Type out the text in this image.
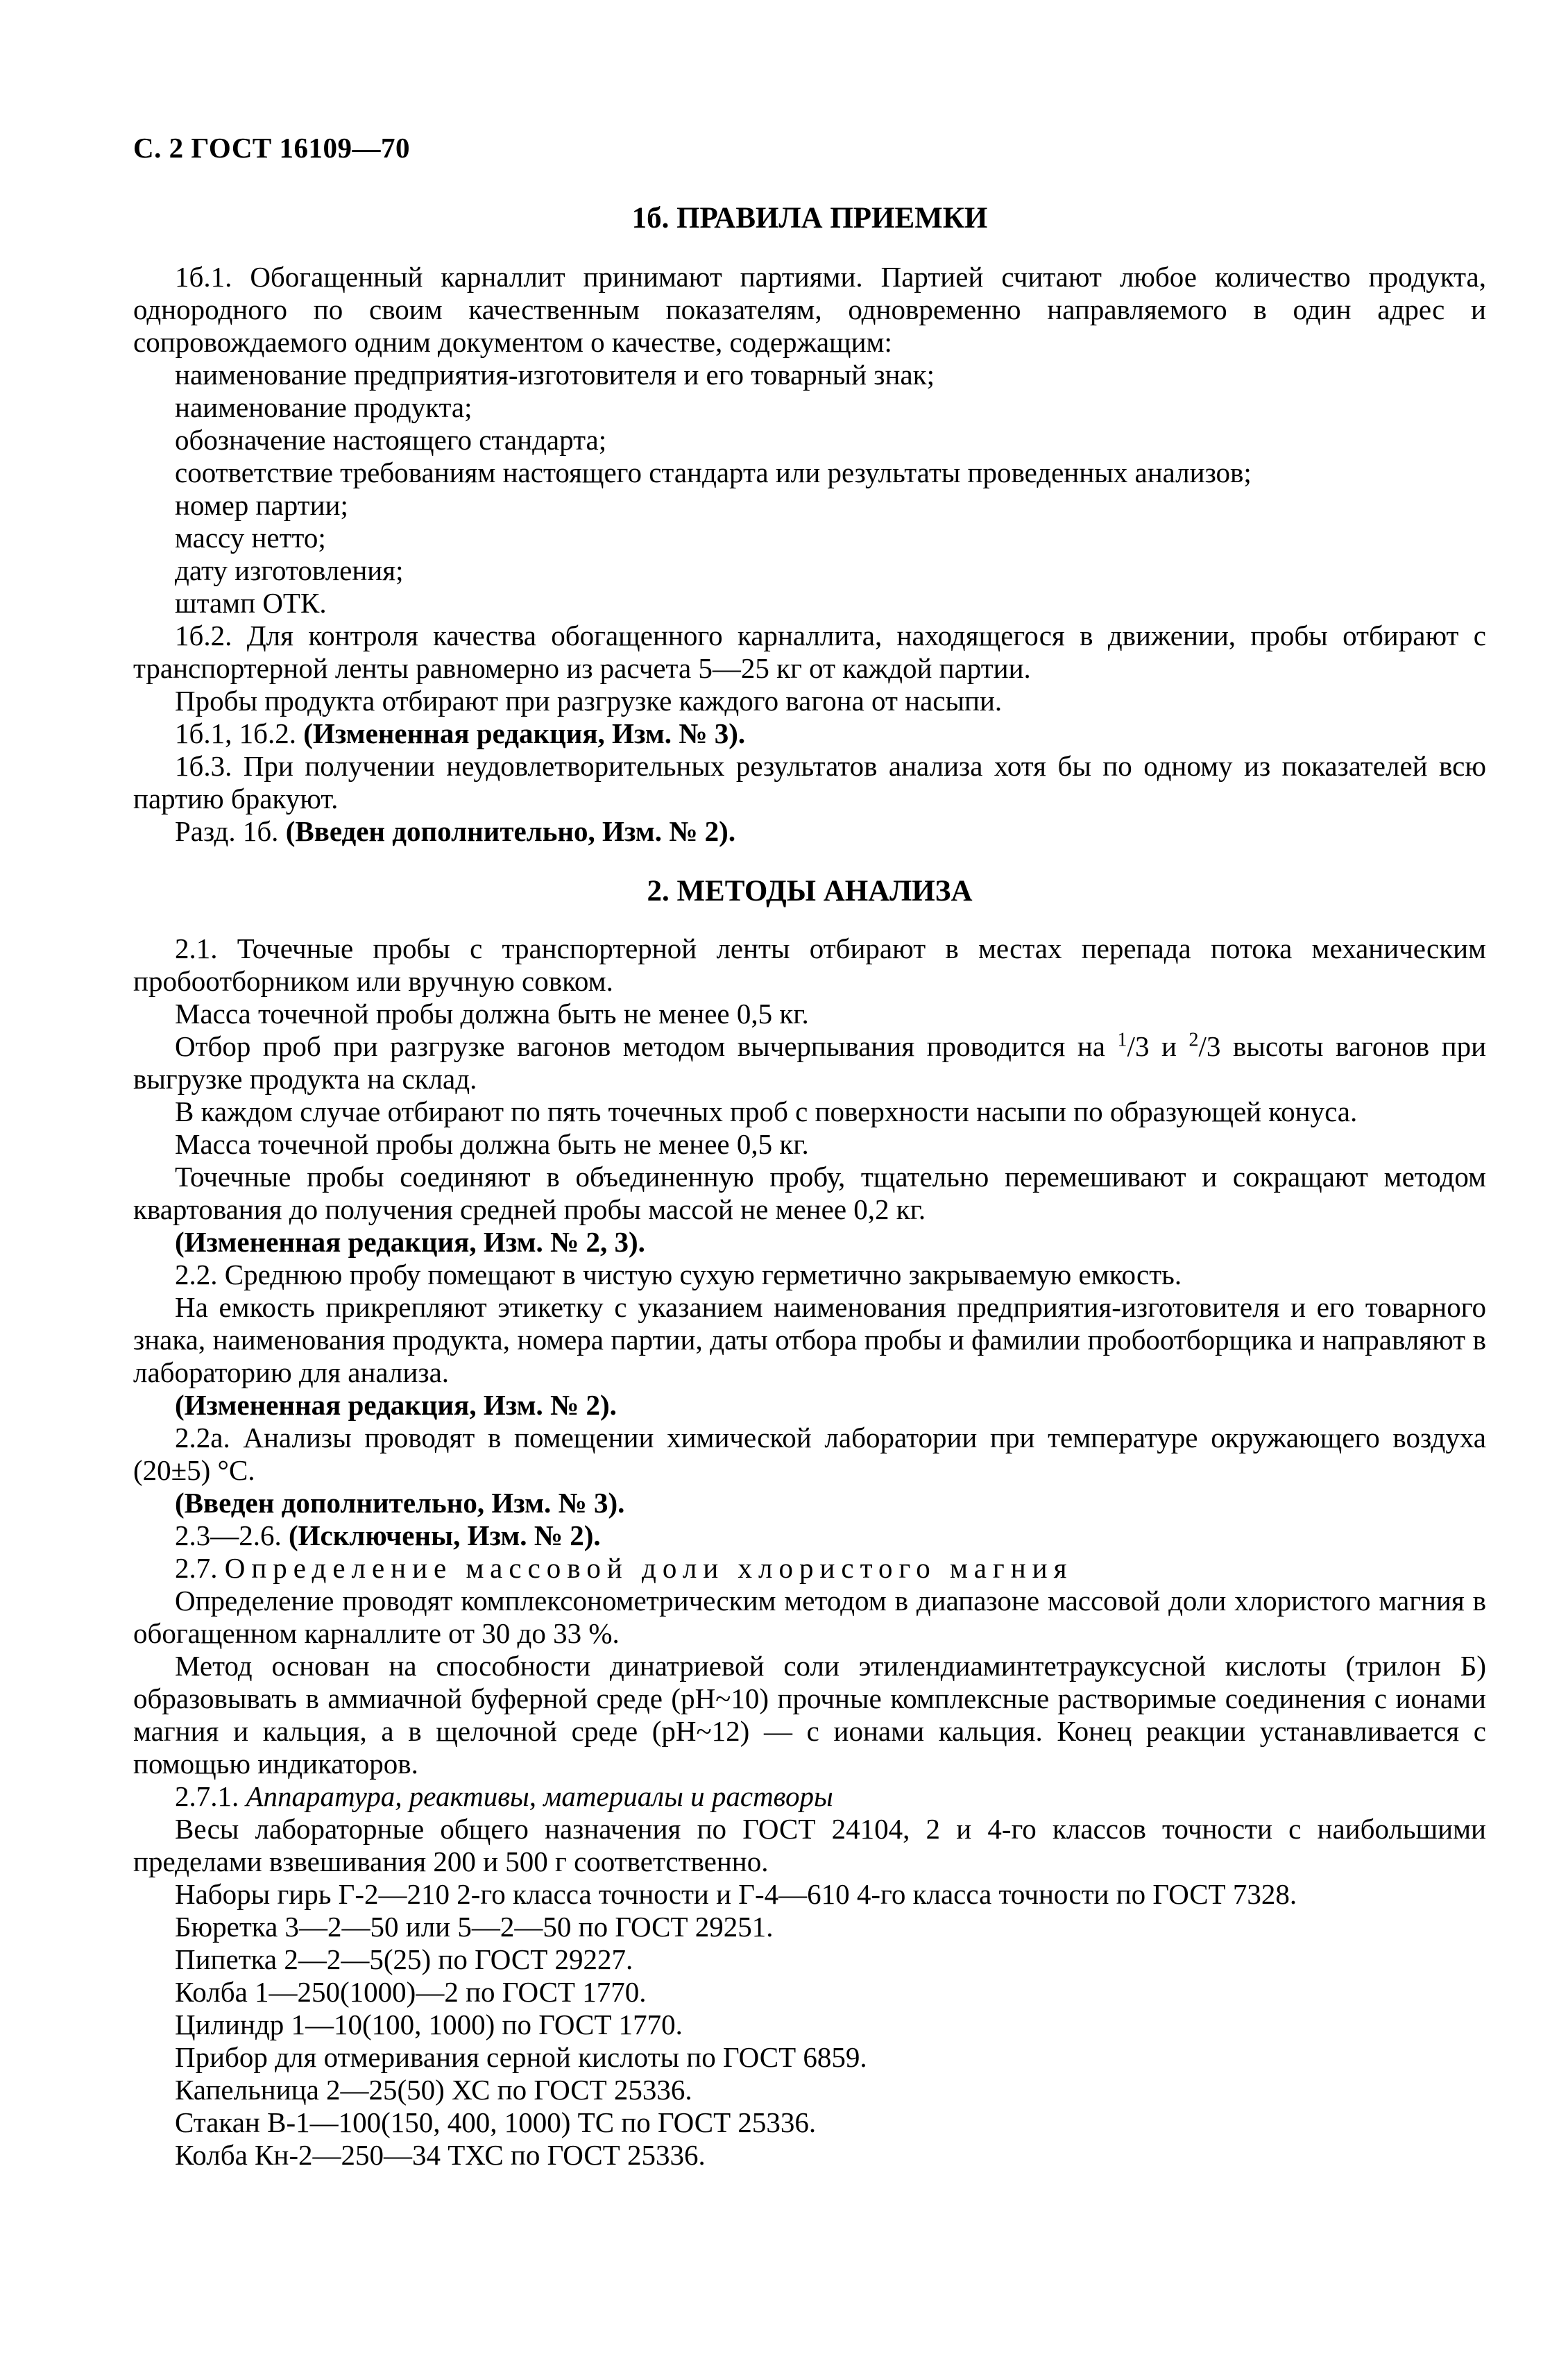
С. 2 ГОСТ 16109—70
1б. ПРАВИЛА ПРИЕМКИ

1б.1. Обогащенный карналлит принимают партиями. Партией считают любое количество продукта, однородного по своим качественным показателям, одновременно направляемого в один адрес и сопровождаемого одним документом о качестве, содержащим:

наименование предприятия-изготовителя и его товарный знак;

наименование продукта;

обозначение настоящего стандарта;

соответствие требованиям настоящего стандарта или результаты проведенных анализов;

номер партии;

массу нетто;

дату изготовления;

штамп ОТК.

1б.2. Для контроля качества обогащенного карналлита, находящегося в движении, пробы отбирают с транспортерной ленты равномерно из расчета 5—25 кг от каждой партии.

Пробы продукта отбирают при разгрузке каждого вагона от насыпи.

1б.1, 1б.2. (Измененная редакция, Изм. № 3).

1б.3. При получении неудовлетворительных результатов анализа хотя бы по одному из показателей всю партию бракуют.

Разд. 1б. (Введен дополнительно, Изм. № 2).

2. МЕТОДЫ АНАЛИЗА

2.1. Точечные пробы с транспортерной ленты отбирают в местах перепада потока механическим пробоотборником или вручную совком.

Масса точечной пробы должна быть не менее 0,5 кг.

Отбор проб при разгрузке вагонов методом вычерпывания проводится на $^1$/3 и $^2$/3 высоты вагонов при выгрузке продукта на склад.

В каждом случае отбирают по пять точечных проб с поверхности насыпи по образующей конуса.

Масса точечной пробы должна быть не менее 0,5 кг.

Точечные пробы соединяют в объединенную пробу, тщательно перемешивают и сокращают методом квартования до получения средней пробы массой не менее 0,2 кг.

(Измененная редакция, Изм. № 2, 3).

2.2. Среднюю пробу помещают в чистую сухую герметично закрываемую емкость.

На емкость прикрепляют этикетку с указанием наименования предприятия-изготовителя и его товарного знака, наименования продукта, номера партии, даты отбора пробы и фамилии пробоотборщика и направляют в лабораторию для анализа.

(Измененная редакция, Изм. № 2).

2.2а. Анализы проводят в помещении химической лаборатории при температуре окружающего воздуха (20±5) °С.

(Введен дополнительно, Изм. № 3).

2.3—2.6. (Исключены, Изм. № 2).

2.7. Определение массовой доли хлористого магния

Определение проводят комплексонометрическим методом в диапазоне массовой доли хлористого магния в обогащенном карналлите от 30 до 33 %.

Метод основан на способности динатриевой соли этилендиаминтетрауксусной кислоты (трилон Б) образовывать в аммиачной буферной среде (рН~10) прочные комплексные растворимые соединения с ионами магния и кальция, а в щелочной среде (рН~12) — с ионами кальция. Конец реакции устанавливается с помощью индикаторов.

2.7.1. Аппаратура, реактивы, материалы и растворы

Весы лабораторные общего назначения по ГОСТ 24104, 2 и 4-го классов точности с наибольшими пределами взвешивания 200 и 500 г соответственно.

Наборы гирь Г-2—210 2-го класса точности и Г-4—610 4-го класса точности по ГОСТ 7328.

Бюретка 3—2—50 или 5—2—50 по ГОСТ 29251.

Пипетка 2—2—5(25) по ГОСТ 29227.

Колба 1—250(1000)—2 по ГОСТ 1770.

Цилиндр 1—10(100, 1000) по ГОСТ 1770.

Прибор для отмеривания серной кислоты по ГОСТ 6859.

Капельница 2—25(50) ХС по ГОСТ 25336.

Стакан В-1—100(150, 400, 1000) ТС по ГОСТ 25336.

Колба Кн-2—250—34 ТХС по ГОСТ 25336.
